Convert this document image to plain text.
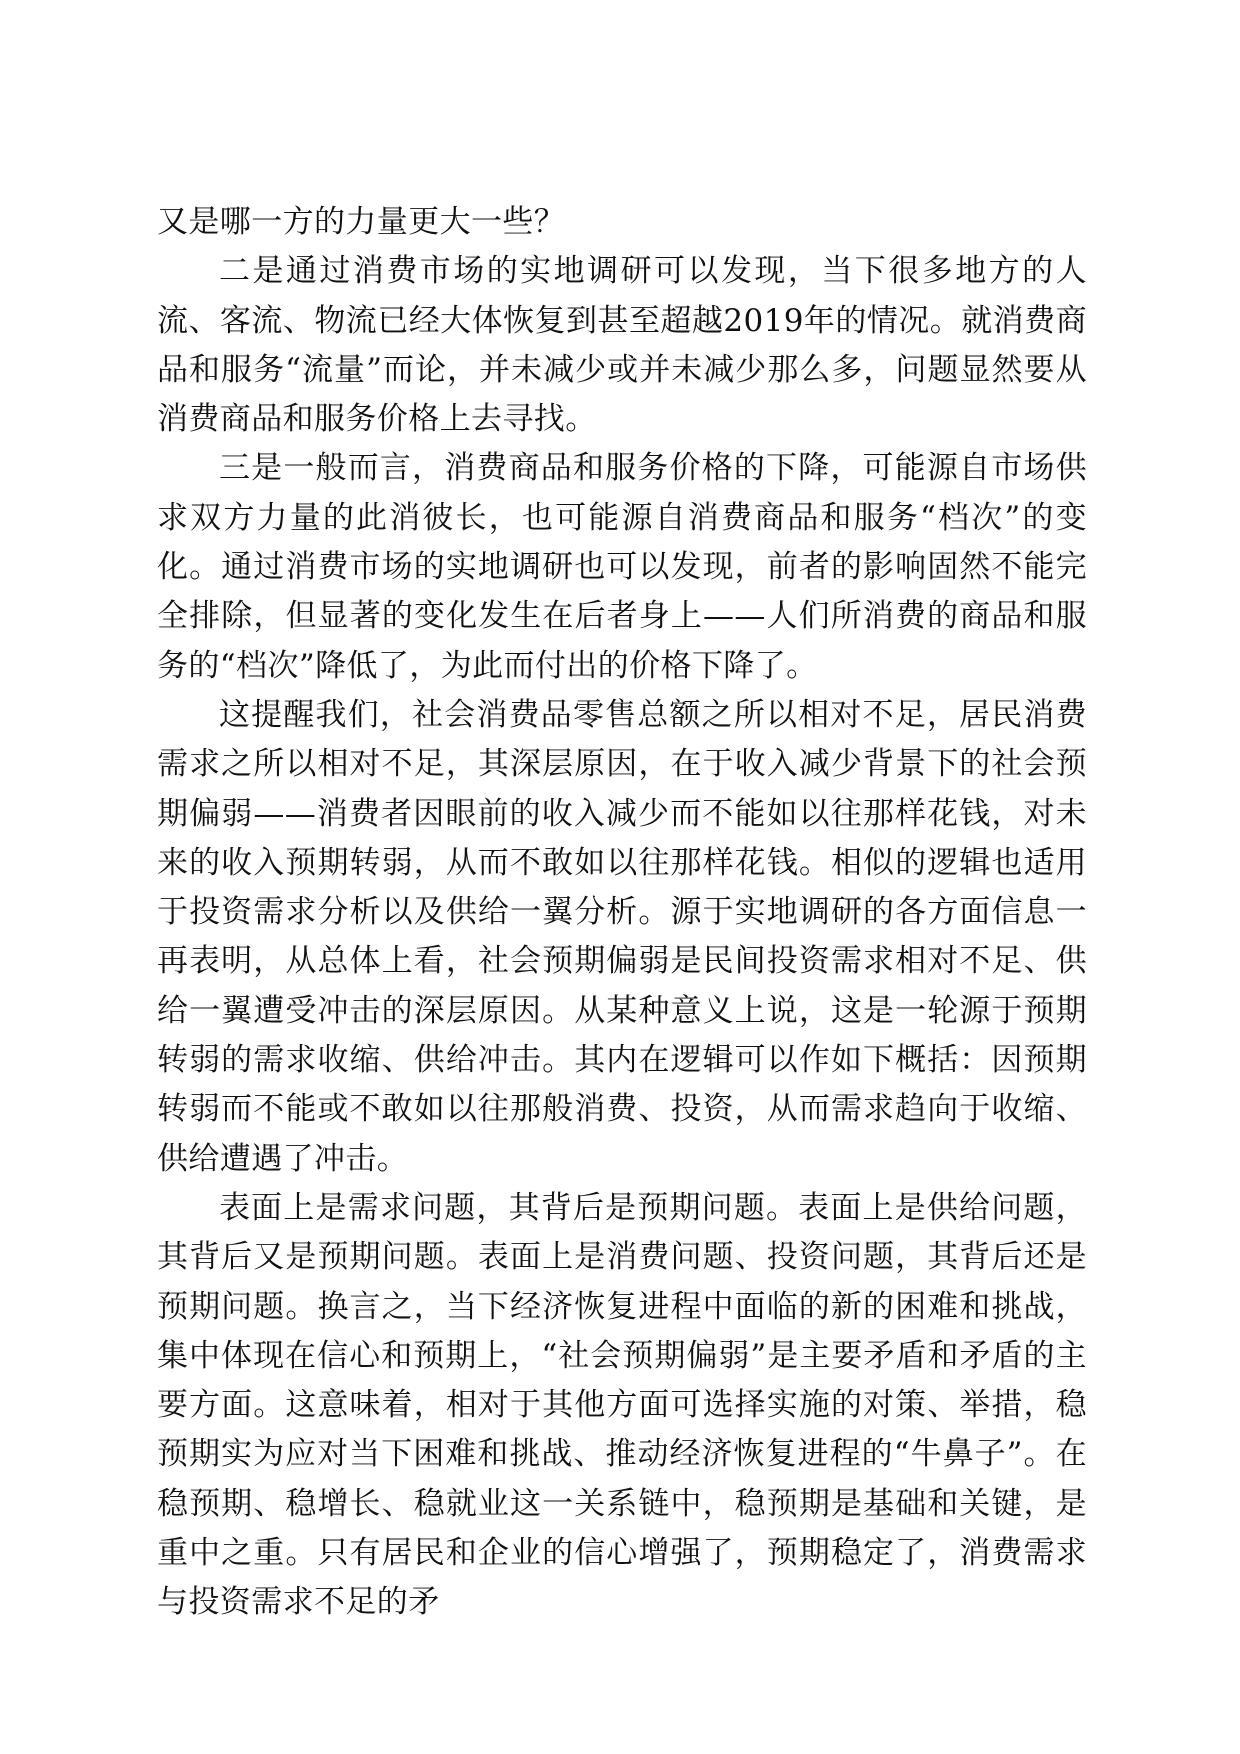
又是哪一方的力量更大一些？

二是通过消费市场的实地调研可以发现，当下很多地方的人流、客流、物流已经大体恢复到甚至超越2019年的情况。就消费商品和服务“流量”而论，并未减少或并未减少那么多，问题显然要从消费商品和服务价格上去寻找。

三是一般而言，消费商品和服务价格的下降，可能源自市场供求双方力量的此消彼长，也可能源自消费商品和服务“档次”的变化。通过消费市场的实地调研也可以发现，前者的影响固然不能完全排除，但显著的变化发生在后者身上——人们所消费的商品和服务的“档次”降低了，为此而付出的价格下降了。

这提醒我们，社会消费品零售总额之所以相对不足，居民消费需求之所以相对不足，其深层原因，在于收入减少背景下的社会预期偏弱——消费者因眼前的收入减少而不能如以往那样花钱，对未来的收入预期转弱，从而不敢如以往那样花钱。相似的逻辑也适用于投资需求分析以及供给一翼分析。源于实地调研的各方面信息一再表明，从总体上看，社会预期偏弱是民间投资需求相对不足、供给一翼遭受冲击的深层原因。从某种意义上说，这是一轮源于预期转弱的需求收缩、供给冲击。其内在逻辑可以作如下概括：因预期转弱而不能或不敢如以往那般消费、投资，从而需求趋向于收缩、供给遭遇了冲击。

表面上是需求问题，其背后是预期问题。表面上是供给问题，其背后又是预期问题。表面上是消费问题、投资问题，其背后还是预期问题。换言之，当下经济恢复进程中面临的新的困难和挑战，集中体现在信心和预期上，“社会预期偏弱”是主要矛盾和矛盾的主要方面。这意味着，相对于其他方面可选择实施的对策、举措，稳预期实为应对当下困难和挑战、推动经济恢复进程的“牛鼻子”。在稳预期、稳增长、稳就业这一关系链中，稳预期是基础和关键，是重中之重。只有居民和企业的信心增强了，预期稳定了，消费需求与投资需求不足的矛
